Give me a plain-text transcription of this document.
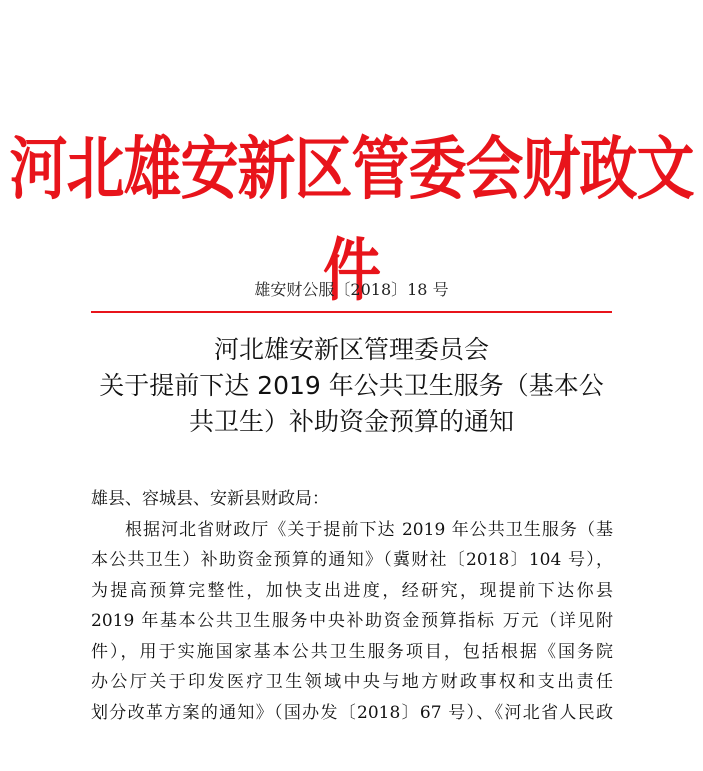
河北雄安新区管委会财政文件
雄安财公服〔2018〕18 号
河北雄安新区管理委员会
关于提前下达 2019 年公共卫生服务（基本公
共卫生）补助资金预算的通知
雄县、容城县、安新县财政局：
根据河北省财政厅《关于提前下达 2019 年公共卫生服务（基
本公共卫生）补助资金预算的通知》（冀财社〔2018〕104 号），
为提高预算完整性，加快支出进度，经研究，现提前下达你县
2019 年基本公共卫生服务中央补助资金预算指标 万元（详见附
件），用于实施国家基本公共卫生服务项目，包括根据《国务院
办公厅关于印发医疗卫生领域中央与地方财政事权和支出责任
划分改革方案的通知》（国办发〔2018〕67 号）、《河北省人民政
